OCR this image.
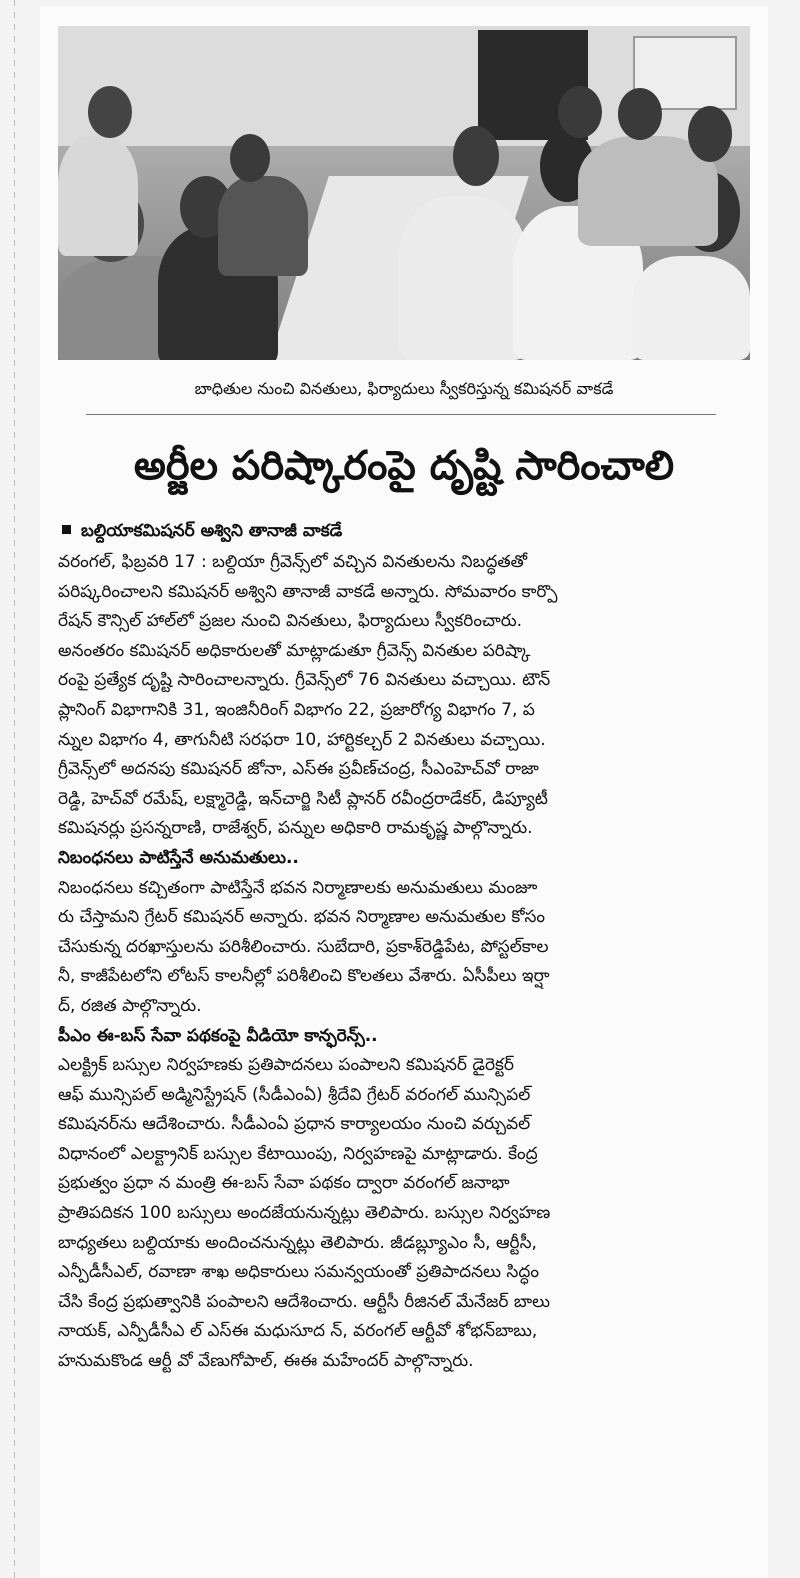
బాధితుల నుంచి వినతులు, ఫిర్యాదులు స్వీకరిస్తున్న కమిషనర్ వాకడే
అర్జీల పరిష్కారంపై దృష్టి సారించాలి
బల్దియాకమిషనర్ అశ్విని తానాజీ వాకడే
వరంగల్, ఫిబ్రవరి 17 : బల్దియా గ్రీవెన్స్‌లో వచ్చిన వినతులను నిబద్ధతతో
పరిష్కరించాలని కమిషనర్ అశ్విని తానాజీ వాకడే అన్నారు. సోమవారం కార్పొ
రేషన్ కౌన్సిల్ హాల్‌లో ప్రజల నుంచి వినతులు, ఫిర్యాదులు స్వీకరించారు.
అనంతరం కమిషనర్ అధికారులతో మాట్లాడుతూ గ్రీవెన్స్ వినతుల పరిష్కా
రంపై ప్రత్యేక దృష్టి సారించాలన్నారు. గ్రీవెన్స్‌లో 76 వినతులు వచ్చాయి. టౌన్
ప్లానింగ్ విభాగానికి 31, ఇంజినీరింగ్ విభాగం 22, ప్రజారోగ్య విభాగం 7, ప
న్నుల విభాగం 4, తాగునీటి సరఫరా 10, హార్టికల్చర్ 2 వినతులు వచ్చాయి.
గ్రీవెన్స్‌లో అదనపు కమిషనర్ జోనా, ఎస్ఈ ప్రవీణ్‌చంద్ర, సీఎంహెచ్‌వో రాజా
రెడ్డి, హెచ్‌వో రమేష్, లక్ష్మారెడ్డి, ఇన్‌చార్జి సిటీ ప్లానర్ రవీంద్రరాడేకర్, డిప్యూటీ
కమిషనర్లు ప్రసన్నరాణి, రాజేశ్వర్, పన్నుల అధికారి రామకృష్ణ పాల్గొన్నారు.
నిబంధనలు పాటిస్తేనే అనుమతులు..
నిబంధనలు కచ్చితంగా పాటిస్తేనే భవన నిర్మాణాలకు అనుమతులు మంజూ
రు చేస్తామని గ్రేటర్ కమిషనర్ అన్నారు. భవన నిర్మాణాల అనుమతుల కోసం
చేసుకున్న దరఖాస్తులను పరిశీలించారు. సుబేదారి, ప్రకాశ్‌రెడ్డిపేట, పోస్టల్‌కాల
నీ, కాజీపేటలోని లోటస్ కాలనీల్లో పరిశీలించి కొలతలు వేశారు. ఏసీపీలు ఇర్షా
ద్, రజిత పాల్గొన్నారు.
పీఎం ఈ-బస్ సేవా పథకంపై వీడియో కాన్ఫరెన్స్..
ఎలక్ట్రిక్ బస్సుల నిర్వహణకు ప్రతిపాదనలు పంపాలని కమిషనర్ డైరెక్టర్
ఆఫ్ మున్సిపల్ అడ్మినిస్ట్రేషన్ (సీడీఎంఏ) శ్రీదేవి గ్రేటర్ వరంగల్ మున్సిపల్
కమిషనర్‌ను ఆదేశించారు. సీడీఎంఏ ప్రధాన కార్యాలయం నుంచి వర్చువల్
విధానంలో ఎలక్ట్రానిక్ బస్సుల కేటాయింపు, నిర్వహణపై మాట్లాడారు. కేంద్ర
ప్రభుత్వం ప్రధా న మంత్రి ఈ-బస్ సేవా పథకం ద్వారా వరంగల్ జనాభా
ప్రాతిపదికన 100 బస్సులు అందజేయనున్నట్లు తెలిపారు. బస్సుల నిర్వహణ
బాధ్యతలు బల్దియాకు అందించనున్నట్లు తెలిపారు. జీడబ్ల్యూఎం సీ, ఆర్టీసీ,
ఎన్పీడీసీఎల్, రవాణా శాఖ అధికారులు సమన్వయంతో ప్రతిపాదనలు సిద్ధం
చేసి కేంద్ర ప్రభుత్వానికి పంపాలని ఆదేశించారు. ఆర్టీసీ రీజినల్ మేనేజర్ బాలు
నాయక్, ఎన్పీడీసీఎ ల్ ఎస్ఈ మధుసూద న్, వరంగల్ ఆర్టీవో శోభన్‌బాబు,
హనుమకొండ ఆర్టీ వో వేణుగోపాల్, ఈఈ మహేందర్ పాల్గొన్నారు.
